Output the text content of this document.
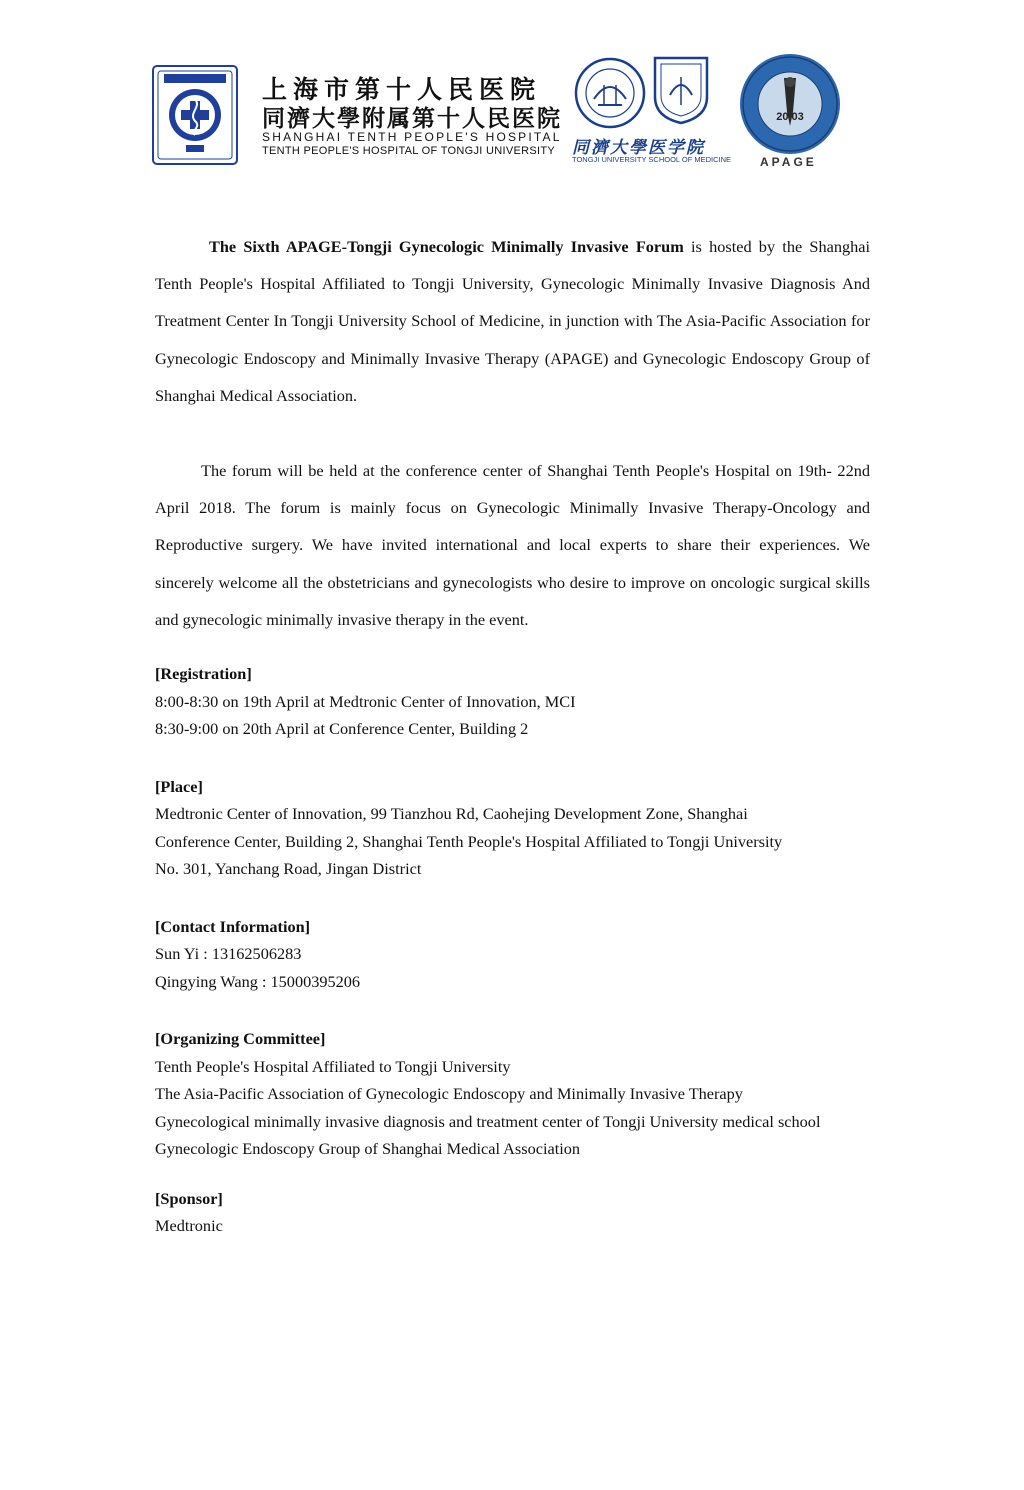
上海市第十人民医院
同濟大學附属第十人民医院
SHANGHAI TENTH PEOPLE'S HOSPITAL
TENTH PEOPLE'S HOSPITAL OF TONGJI UNIVERSITY 同濟大學医学院
TONGJI UNIVERSITY SCHOOL OF MEDICINE
20 03
APAGE

The Sixth APAGE-Tongji Gynecologic Minimally Invasive Forum is hosted by the Shanghai Tenth People's Hospital Affiliated to Tongji University, Gynecologic Minimally Invasive Diagnosis And Treatment Center In Tongji University School of Medicine, in junction with The Asia-Pacific Association for Gynecologic Endoscopy and Minimally Invasive Therapy (APAGE) and Gynecologic Endoscopy Group of Shanghai Medical Association.

The forum will be held at the conference center of Shanghai Tenth People's Hospital on 19th- 22nd April 2018. The forum is mainly focus on Gynecologic Minimally Invasive Therapy-Oncology and Reproductive surgery. We have invited international and local experts to share their experiences. We sincerely welcome all the obstetricians and gynecologists who desire to improve on oncologic surgical skills and gynecologic minimally invasive therapy in the event.

[Registration]
8:00-8:30 on 19th April at Medtronic Center of Innovation, MCI
8:30-9:00 on 20th April at Conference Center, Building 2
[Place]
Medtronic Center of Innovation, 99 Tianzhou Rd, Caohejing Development Zone, Shanghai
Conference Center, Building 2, Shanghai Tenth People's Hospital Affiliated to Tongji University
No. 301, Yanchang Road, Jingan District
[Contact Information]
Sun Yi : 13162506283
Qingying Wang : 15000395206
[Organizing Committee]
Tenth People's Hospital Affiliated to Tongji University
The Asia-Pacific Association of Gynecologic Endoscopy and Minimally Invasive Therapy
Gynecological minimally invasive diagnosis and treatment center of Tongji University medical school
Gynecologic Endoscopy Group of Shanghai Medical Association
[Sponsor]
Medtronic
